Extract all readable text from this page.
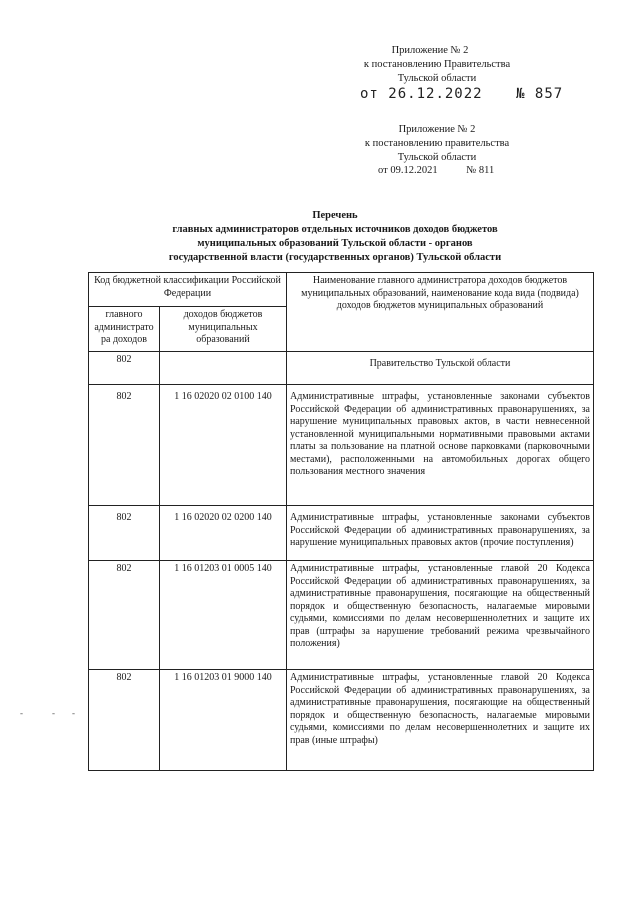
Приложение № 2
к постановлению Правительства
Тульской области
от 26.12.2022 № 857
Приложение № 2
к постановлению правительства
Тульской области
от 09.12.2021	№ 811
Перечень
главных администраторов отдельных источников доходов бюджетов
муниципальных образований Тульской области - органов
государственной власти (государственных органов) Тульской области
Код бюджетной классификации Российской Федерации		Наименование главного администратора доходов бюджетов муниципальных образований, наименование кода вида (подвида) доходов бюджетов муниципальных образований
главного администрато ра доходов	доходов бюджетов муниципальных образований	
802		Правительство Тульской области
802	1 16 02020 02 0100 140	Административные штрафы, установленные законами субъектов Российской Федерации об административных правонарушениях, за нарушение муниципальных правовых актов, в части невнесенной установленной муниципальными нормативными правовыми актами платы за пользование на платной основе парковками (парковочными местами), расположенными на автомобильных дорогах общего пользования местного значения
802	1 16 02020 02 0200 140	Административные штрафы, установленные законами субъектов Российской Федерации об административных правонарушениях, за нарушение муниципальных правовых актов (прочие поступления)
802	1 16 01203 01 0005 140	Административные штрафы, установленные главой 20 Кодекса Российской Федерации об административных правонарушениях, за административные правонарушения, посягающие на общественный порядок и общественную безопасность, налагаемые мировыми судьями, комиссиями по делам несовершеннолетних и защите их прав (штрафы за нарушение требований режима чрезвычайного положения)
802	1 16 01203 01 9000 140	Административные штрафы, установленные главой 20 Кодекса Российской Федерации об административных правонарушениях, за административные правонарушения, посягающие на общественный порядок и общественную безопасность, налагаемые мировыми судьями, комиссиями по делам несовершеннолетних и защите их прав (иные штрафы)
-	- -
